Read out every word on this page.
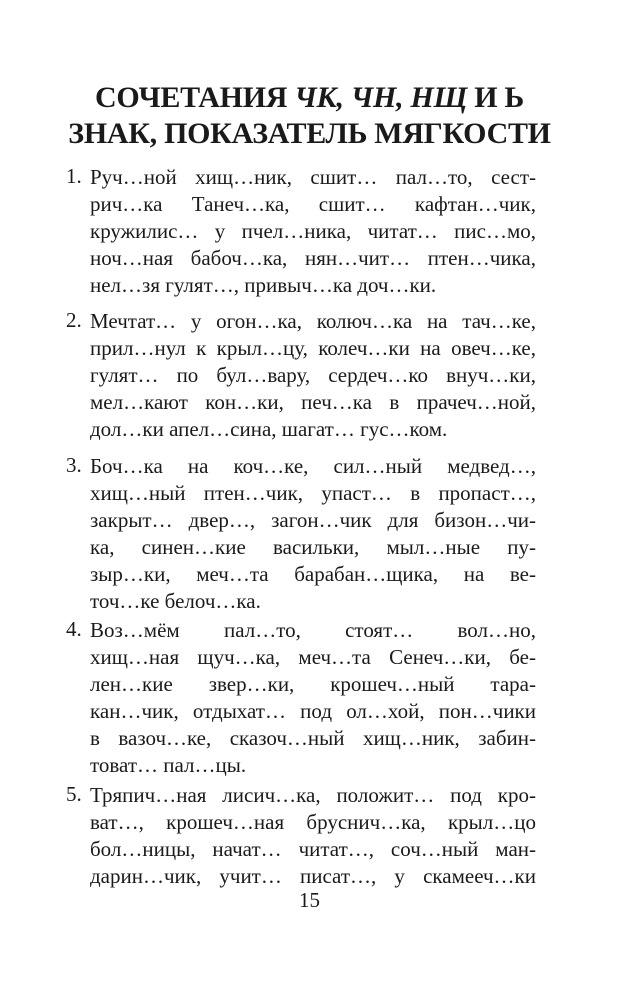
СОЧЕТАНИЯ ЧК, ЧН, НЩ И Ь
ЗНАК, ПОКАЗАТЕЛЬ МЯГКОСТИ
1. Руч…ной хищ…ник, сшит… пал…то, сест-
рич…ка Танеч…ка, сшит… кафтан…чик,
кружилис… у пчел…ника, читат… пис…мо,
ноч…ная бабоч…ка, нян…чит… птен…чика,
нел…зя гулят…, привыч…ка доч…ки.
2. Мечтат… у огон…ка, колюч…ка на тач…ке,
прил…нул к крыл…цу, колеч…ки на овеч…ке,
гулят… по бул…вару, сердеч…ко внуч…ки,
мел…кают кон…ки, печ…ка в прачеч…ной,
дол…ки апел…сина, шагат… гус…ком.
3. Боч…ка на коч…ке, сил…ный медвед…,
хищ…ный птен…чик, упаст… в пропаст…,
закрыт… двер…, загон…чик для бизон…чи-
ка, синен…кие васильки, мыл…ные пу-
зыр…ки, меч…та барабан…щика, на ве-
точ…ке белоч…ка.
4. Воз…мём пал…то, стоят… вол…но,
хищ…ная щуч…ка, меч…та Сенеч…ки, бе-
лен…кие звер…ки, крошеч…ный тара-
кан…чик, отдыхат… под ол…хой, пон…чики
в вазоч…ке, сказоч…ный хищ…ник, забин-
товат… пал…цы.
5. Тряпич…ная лисич…ка, положит… под кро-
ват…, крошеч…ная бруснич…ка, крыл…цо
бол…ницы, начат… читат…, соч…ный ман-
дарин…чик, учит… писат…, у скамееч…ки
15
